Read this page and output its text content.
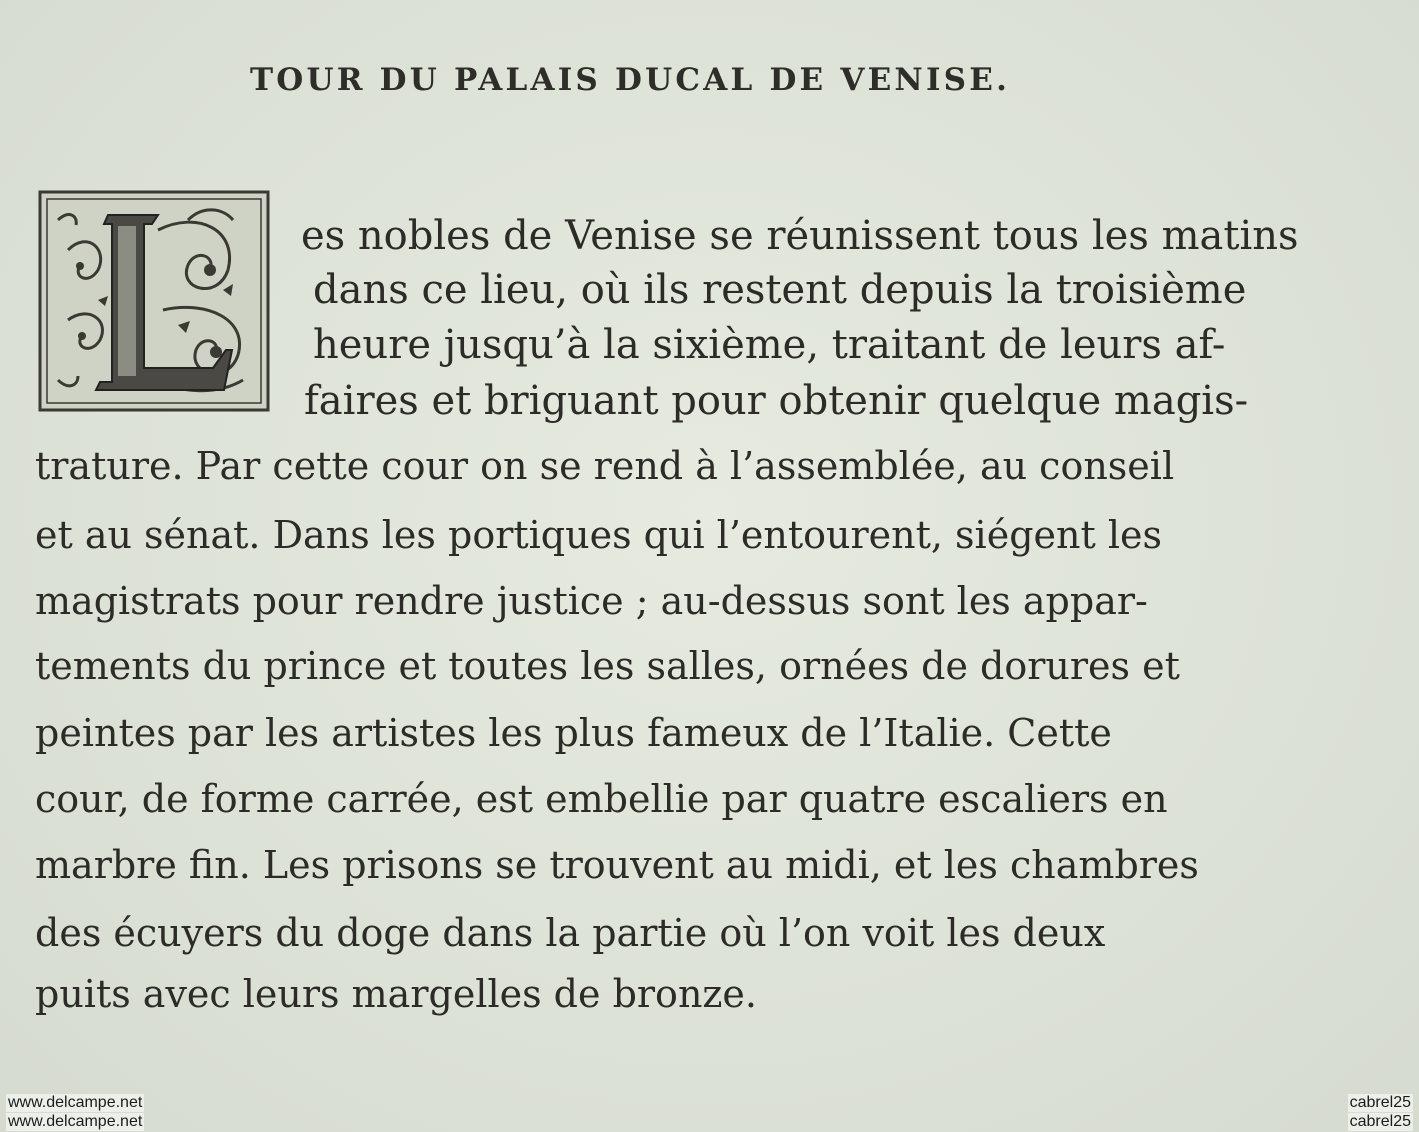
TOUR DU PALAIS DUCAL DE VENISE.
es nobles de Venise se réunissent tous les matins
dans ce lieu, où ils restent depuis la troisième
heure jusqu’à la sixième, traitant de leurs af-
faires et briguant pour obtenir quelque magis-
trature. Par cette cour on se rend à l’assemblée, au conseil
et au sénat. Dans les portiques qui l’entourent, siégent les
magistrats pour rendre justice ; au-dessus sont les appar-
tements du prince et toutes les salles, ornées de dorures et
peintes par les artistes les plus fameux de l’Italie. Cette
cour, de forme carrée, est embellie par quatre escaliers en
marbre fin. Les prisons se trouvent au midi, et les chambres
des écuyers du doge dans la partie où l’on voit les deux
puits avec leurs margelles de bronze.
www.delcampe.net
www.delcampe.net
cabrel25
cabrel25
